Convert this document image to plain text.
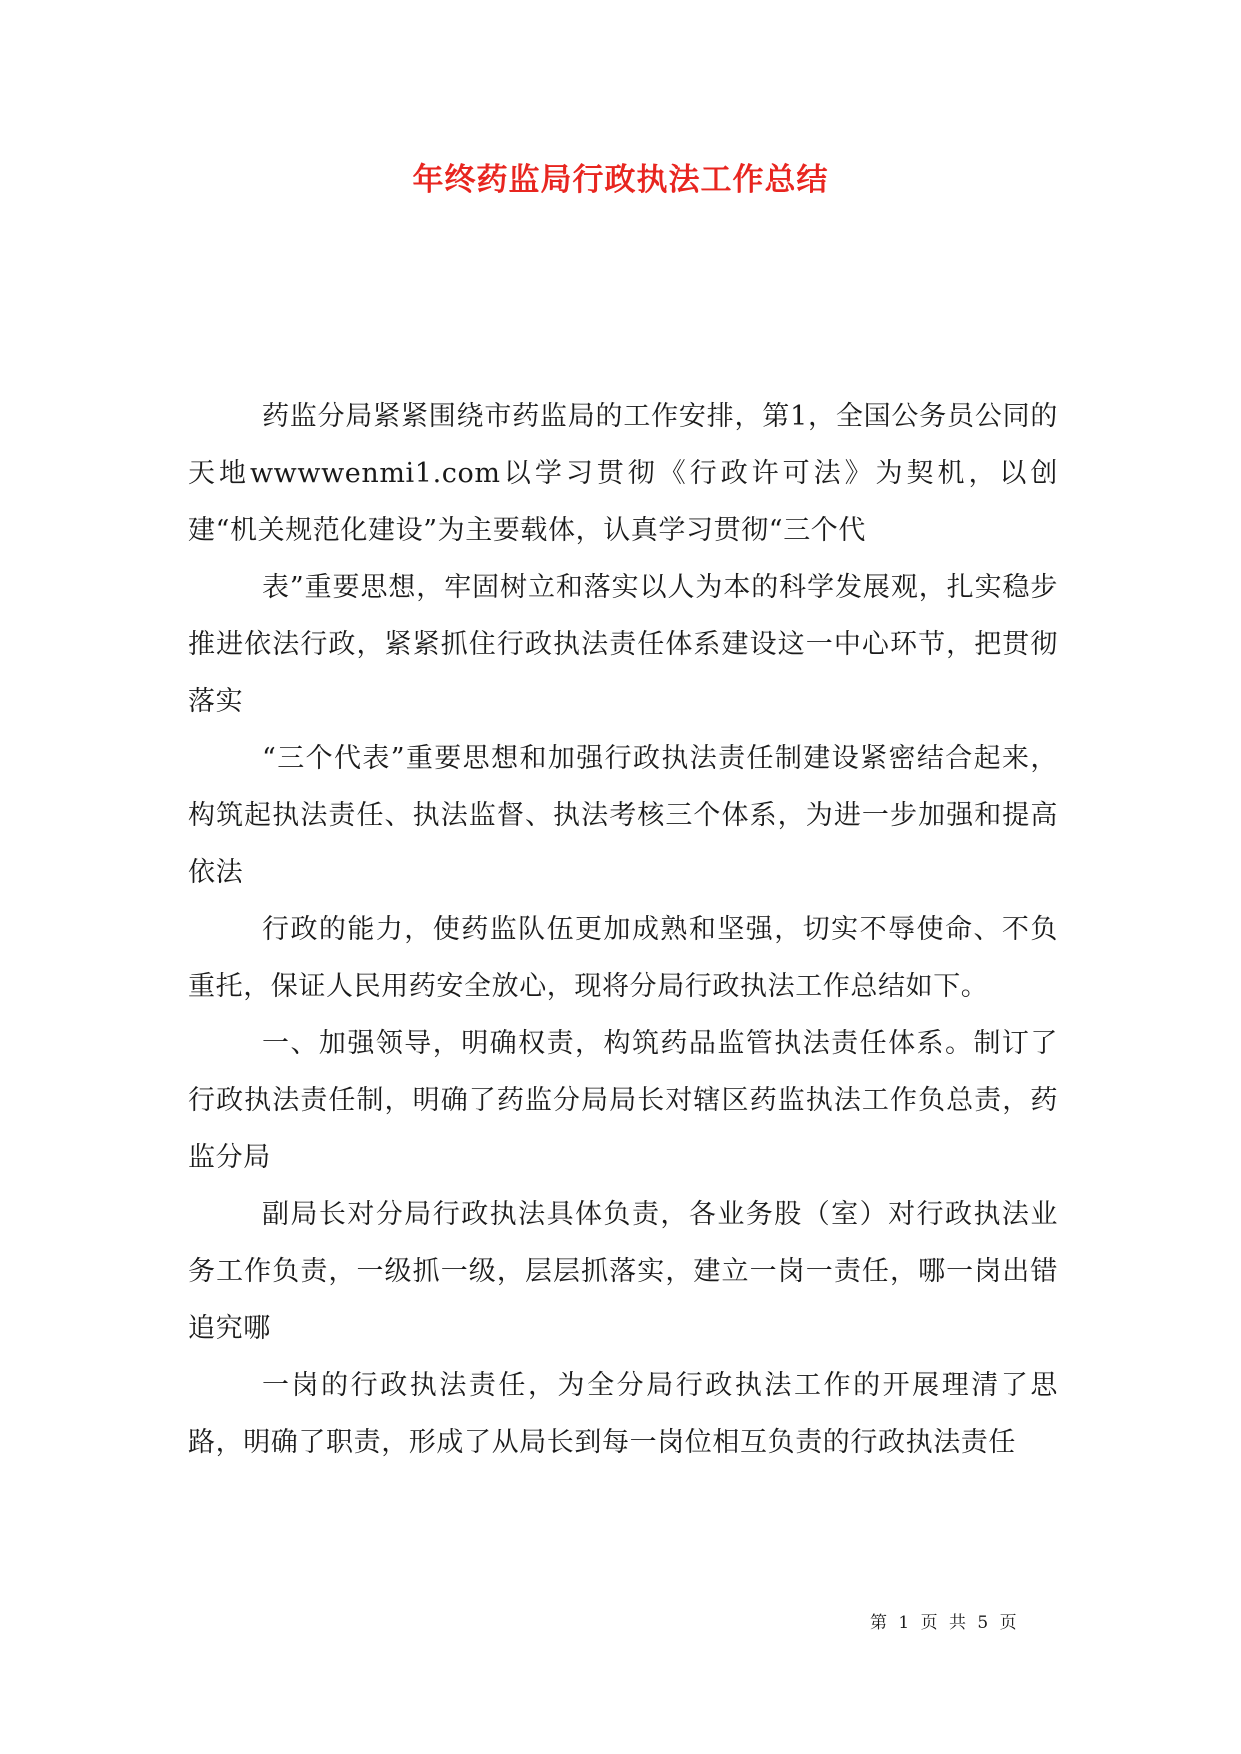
年终药监局行政执法工作总结

药监分局紧紧围绕市药监局的工作安排，第1，全国公务员公同的天地wwwwenmi1.com以学习贯彻《行政许可法》为契机，以创建“机关规范化建设”为主要载体，认真学习贯彻“三个代

表”重要思想，牢固树立和落实以人为本的科学发展观，扎实稳步推进依法行政，紧紧抓住行政执法责任体系建设这一中心环节，把贯彻落实

“三个代表”重要思想和加强行政执法责任制建设紧密结合起来，构筑起执法责任、执法监督、执法考核三个体系，为进一步加强和提高依法

行政的能力，使药监队伍更加成熟和坚强，切实不辱使命、不负重托，保证人民用药安全放心，现将分局行政执法工作总结如下。

一、加强领导，明确权责，构筑药品监管执法责任体系。制订了行政执法责任制，明确了药监分局局长对辖区药监执法工作负总责，药监分局

副局长对分局行政执法具体负责，各业务股（室）对行政执法业务工作负责，一级抓一级，层层抓落实，建立一岗一责任，哪一岗出错追究哪

一岗的行政执法责任，为全分局行政执法工作的开展理清了思路，明确了职责，形成了从局长到每一岗位相互负责的行政执法责任

第 1 页 共 5 页
